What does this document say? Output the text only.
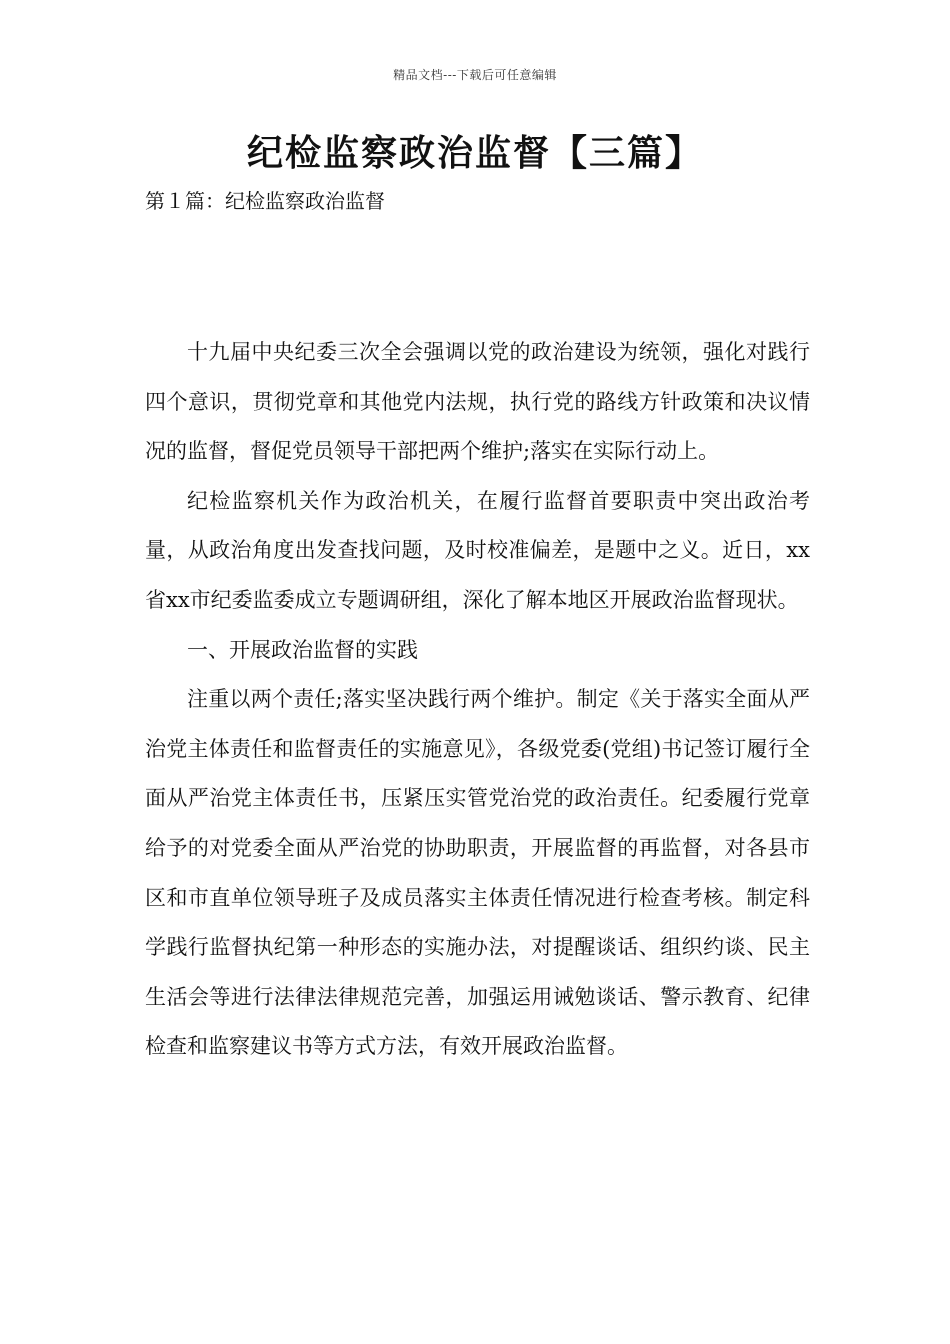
精品文档---下载后可任意编辑
纪检监察政治监督【三篇】
第１篇：纪检监察政治监督

十九届中央纪委三次全会强调以党的政治建设为统领，强化对践行四个意识，贯彻党章和其他党内法规，执行党的路线方针政策和决议情况的监督，督促党员领导干部把两个维护;落实在实际行动上。

纪检监察机关作为政治机关，在履行监督首要职责中突出政治考量，从政治角度出发查找问题，及时校准偏差，是题中之义。近日，xx省xx市纪委监委成立专题调研组，深化了解本地区开展政治监督现状。

一、开展政治监督的实践

注重以两个责任;落实坚决践行两个维护。制定《关于落实全面从严治党主体责任和监督责任的实施意见》，各级党委(党组)书记签订履行全面从严治党主体责任书，压紧压实管党治党的政治责任。纪委履行党章给予的对党委全面从严治党的协助职责，开展监督的再监督，对各县市区和市直单位领导班子及成员落实主体责任情况进行检查考核。制定科学践行监督执纪第一种形态的实施办法，对提醒谈话、组织约谈、民主生活会等进行法律法律规范完善，加强运用诫勉谈话、警示教育、纪律检查和监察建议书等方式方法，有效开展政治监督。
